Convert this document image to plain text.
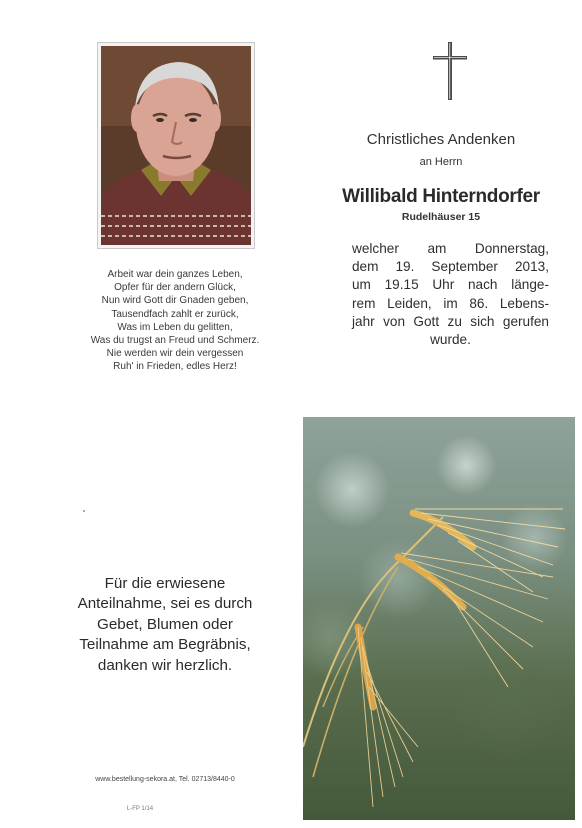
Arbeit war dein ganzes Leben,
Opfer für der andern Glück,
Nun wird Gott dir Gnaden geben,
Tausendfach zahlt er zurück,
Was im Leben du gelitten,
Was du trugst an Freud und Schmerz.
Nie werden wir dein vergessen
Ruh' in Frieden, edles Herz!
Christliches Andenken
an Herrn
Willibald Hinterndorfer
Rudelhäuser 15
welcher am Donnerstag,
dem 19. September 2013,
um 19.15 Uhr nach länge-
rem Leiden, im 86. Lebens-
jahr von Gott zu sich gerufen
wurde.
Für die erwiesene
Anteilnahme, sei es durch
Gebet, Blumen oder
Teilnahme am Begräbnis,
danken wir herzlich.
www.bestellung-sekora.at, Tel. 02713/8440-0
L-FP 1/14
